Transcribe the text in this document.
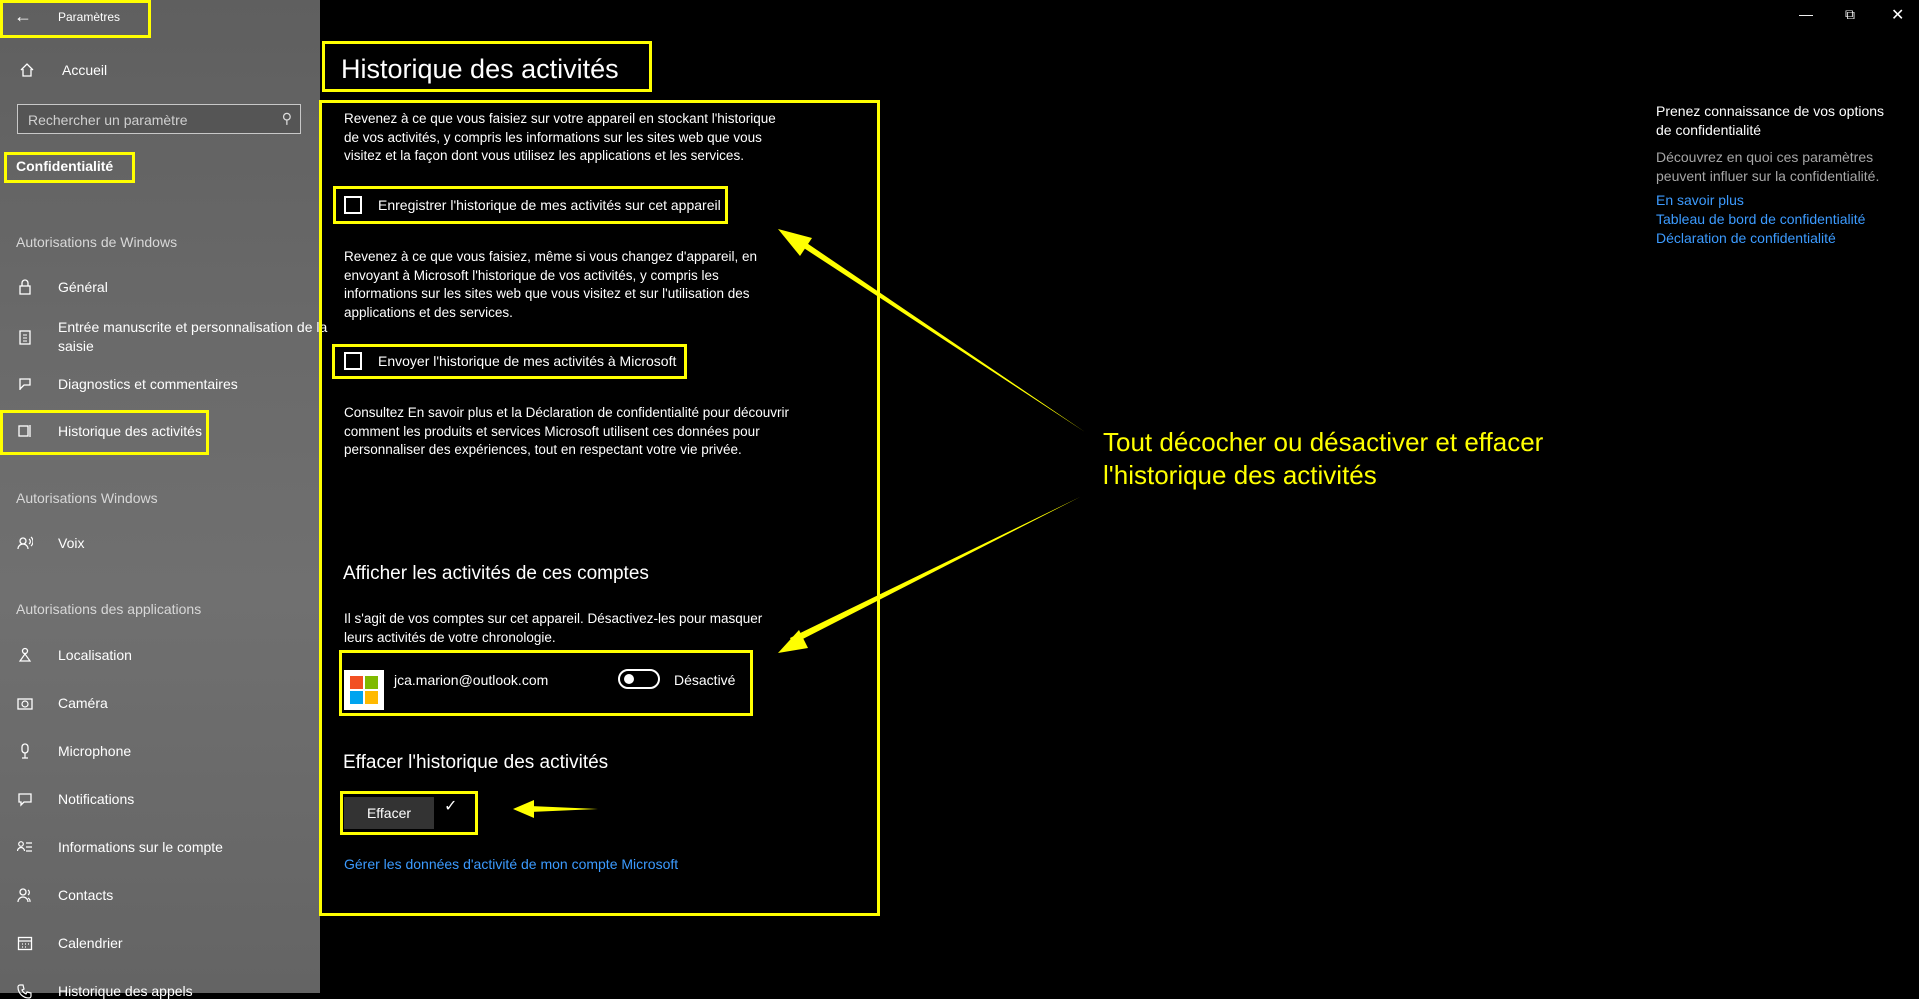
← Paramètres
Accueil
Rechercher un paramètre
⚲
Confidentialité
Autorisations de Windows
Général
Entrée manuscrite et personnalisation de la saisie
Diagnostics et commentaires
Historique des activités
Autorisations Windows
Voix
Autorisations des applications
Localisation
Caméra
Microphone
Notifications
Informations sur le compte
Contacts
Calendrier
Historique des appels
Historique des activités
Revenez à ce que vous faisiez sur votre appareil en stockant l'historique de vos activités, y compris les informations sur les sites web que vous visitez et la façon dont vous utilisez les applications et les services.
Enregistrer l'historique de mes activités sur cet appareil
Revenez à ce que vous faisiez, même si vous changez d'appareil, en envoyant à Microsoft l'historique de vos activités, y compris les informations sur les sites web que vous visitez et sur l'utilisation des applications et des services.
Envoyer l'historique de mes activités à Microsoft
Consultez En savoir plus et la Déclaration de confidentialité pour découvrir comment les produits et services Microsoft utilisent ces données pour personnaliser des expériences, tout en respectant votre vie privée.
Afficher les activités de ces comptes
Il s'agit de vos comptes sur cet appareil. Désactivez-les pour masquer leurs activités de votre chronologie.
jca.marion@outlook.com	Désactivé
Effacer l'historique des activités
Effacer	✓
Gérer les données d'activité de mon compte Microsoft
Prenez connaissance de vos options de confidentialité
Découvrez en quoi ces paramètres peuvent influer sur la confidentialité.
En savoir plus
Tableau de bord de confidentialité
Déclaration de confidentialité
— ⧉ ✕
Tout décocher ou désactiver et effacer l'historique des activités
